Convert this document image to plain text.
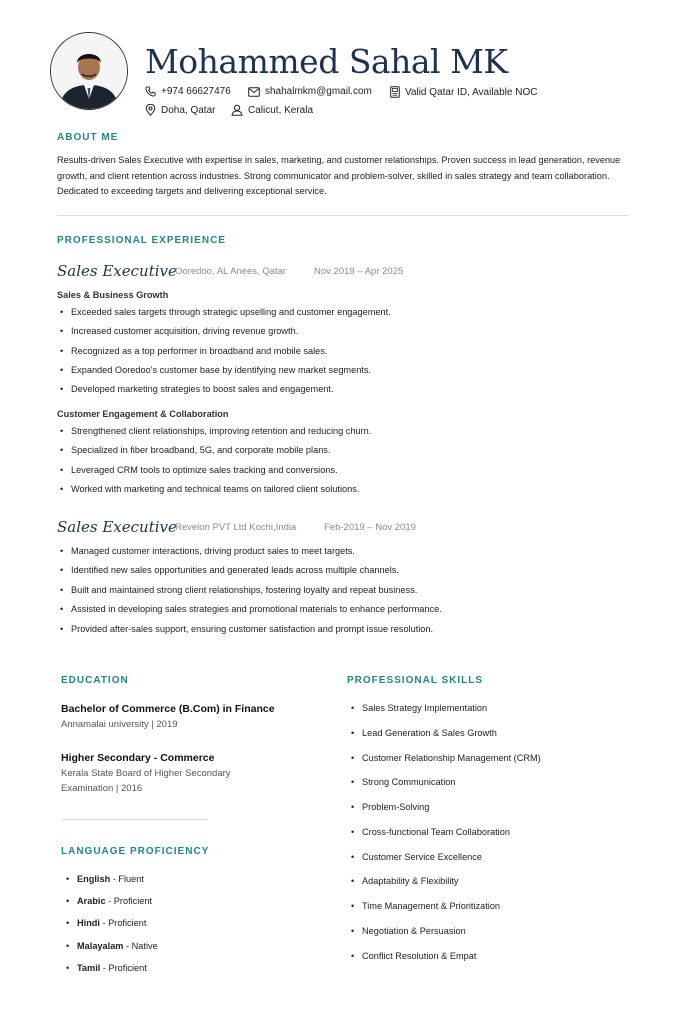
Mohammed Sahal MK
+974 66627476	shahalmkm@gmail.com	Valid Qatar ID, Available NOC
Doha, Qatar	Calicut, Kerala
ABOUT ME
Results-driven Sales Executive with expertise in sales, marketing, and customer relationships. Proven success in lead generation, revenue growth, and client retention across industries. Strong communicator and problem-solver, skilled in sales strategy and team collaboration. Dedicated to exceeding targets and delivering exceptional service.
PROFESSIONAL EXPERIENCE
Sales Executive
Ooredoo, AL Anees, Qatar	Nov 2019 – Apr 2025
Sales & Business Growth
• Exceeded sales targets through strategic upselling and customer engagement.
• Increased customer acquisition, driving revenue growth.
• Recognized as a top performer in broadband and mobile sales.
• Expanded Ooredoo's customer base by identifying new market segments.
• Developed marketing strategies to boost sales and engagement.
Customer Engagement & Collaboration
• Strengthened client relationships, improving retention and reducing churn.
• Specialized in fiber broadband, 5G, and corporate mobile plans.
• Leveraged CRM tools to optimize sales tracking and conversions.
• Worked with marketing and technical teams on tailored client solutions.
Sales Executive
Revelon PVT Ltd Kochi,India	Feb-2019 – Nov 2019
• Managed customer interactions, driving product sales to meet targets.
• Identified new sales opportunities and generated leads across multiple channels.
• Built and maintained strong client relationships, fostering loyalty and repeat business.
• Assisted in developing sales strategies and promotional materials to enhance performance.
• Provided after-sales support, ensuring customer satisfaction and prompt issue resolution.
EDUCATION
Bachelor of Commerce (B.Com) in Finance
Annamalai university | 2019
Higher Secondary - Commerce
Kerala State Board of Higher Secondary
Examination | 2016
LANGUAGE PROFICIENCY
• English - Fluent
• Arabic - Proficient
• Hindi - Proficient
• Malayalam - Native
• Tamil - Proficient
PROFESSIONAL SKILLS
• Sales Strategy Implementation
• Lead Generation & Sales Growth
• Customer Relationship Management (CRM)
• Strong Communication
• Problem-Solving
• Cross-functional Team Collaboration
• Customer Service Excellence
• Adaptability & Flexibility
• Time Management & Prioritization
• Negotiation & Persuasion
• Conflict Resolution & Empat
